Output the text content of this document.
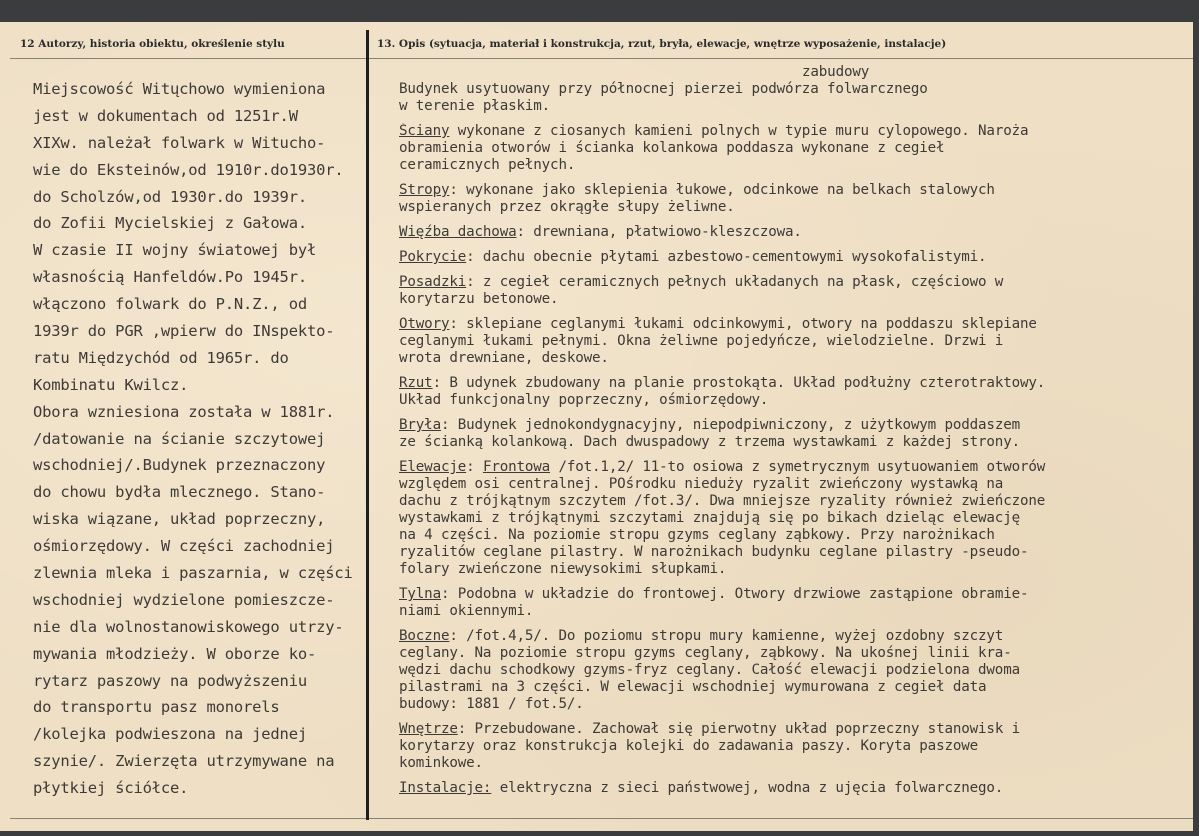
12 Autorzy, historia obiektu, określenie stylu	13. Opis (sytuacja, materiał i konstrukcja, rzut, bryła, elewacje, wnętrze wyposażenie, instalacje)
Miejscowość Witųchowo wymieniona
jest w dokumentach od 1251r.W
XIXw. należał folwark w Witucho-
wie do Eksteinów,od 1910r.do1930r.
do Scholzów,od 1930r.do 1939r.
do Zofii Mycielskiej z Gałowa.
W czasie II wojny światowej był
własnością Hanfeldów.Po 1945r.
włączono folwark do P.N.Z., od
1939r do PGR ,wpierw do INspekto-
ratu Międzychód od 1965r. do
Kombinatu Kwilcz.
Obora wzniesiona została w 1881r.
/datowanie na ścianie szczytowej
wschodniej/.Budynek przeznaczony
do chowu bydła mlecznego. Stano-
wiska wiązane, układ poprzeczny,
ośmiorzędowy. W części zachodniej
zlewnia mleka i paszarnia, w części
wschodniej wydzielone pomieszcze-
nie dla wolnostanowiskowego utrzy-
mywania młodzieży. W oborze ko-
rytarz paszowy na podwyższeniu
do transportu pasz monorels
/kolejka podwieszona na jednej
szynie/. Zwierzęta utrzymywane na
płytkiej ściółce.
zabudowy
Budynek usytuowany przy północnej pierzei podwórza folwarcznego
w terenie płaskim.
Ściany wykonane z ciosanych kamieni polnych w typie muru cylopowego. Naroża
obramienia otworów i ścianka kolankowa poddasza wykonane z cegieł
ceramicznych pełnych.
Stropy: wykonane jako sklepienia łukowe, odcinkowe na belkach stalowych
wspieranych przez okrągłe słupy żeliwne.
Więźba dachowa: drewniana, płatwiowo-kleszczowa.
Pokrycie: dachu obecnie płytami azbestowo-cementowymi wysokofalistymi.
Posadzki: z cegieł ceramicznych pełnych układanych na płask, częściowo w
korytarzu betonowe.
Otwory: sklepiane ceglanymi łukami odcinkowymi, otwory na poddaszu sklepiane
ceglanymi łukami pełnymi. Okna żeliwne pojedyńcze, wielodzielne. Drzwi i
wrota drewniane, deskowe.
Rzut: B udynek zbudowany na planie prostokąta. Układ podłużny czterotraktowy.
Układ funkcjonalny poprzeczny, ośmiorzędowy.
Bryła: Budynek jednokondygnacyjny, niepodpiwniczony, z użytkowym poddaszem
ze ścianką kolankową. Dach dwuspadowy z trzema wystawkami z każdej strony.
Elewacje: Frontowa /fot.1,2/ 11-to osiowa z symetrycznym usytuowaniem otworów
względem osi centralnej. POśrodku nieduży ryzalit zwieńczony wystawką na
dachu z trójkątnym szczytem /fot.3/. Dwa mniejsze ryzality również zwieńczone
wystawkami z trójkątnymi szczytami znajdują się po bikach dzieląc elewację
na 4 części. Na poziomie stropu gzyms ceglany ząbkowy. Przy narożnikach
ryzalitów ceglane pilastry. W narożnikach budynku ceglane pilastry -pseudo-
folary zwieńczone niewysokimi słupkami.
Tylna: Podobna w układzie do frontowej. Otwory drzwiowe zastąpione obramie-
niami okiennymi.
Boczne: /fot.4,5/. Do poziomu stropu mury kamienne, wyżej ozdobny szczyt
ceglany. Na poziomie stropu gzyms ceglany, ząbkowy. Na ukośnej linii kra-
wędzi dachu schodkowy gzyms-fryz ceglany. Całość elewacji podzielona dwoma
pilastrami na 3 części. W elewacji wschodniej wymurowana z cegieł data
budowy: 1881 / fot.5/.
Wnętrze: Przebudowane. Zachował się pierwotny układ poprzeczny stanowisk i
korytarzy oraz konstrukcja kolejki do zadawania paszy. Koryta paszowe
kominkowe.
Instalacje: elektryczna z sieci państwowej, wodna z ujęcia folwarcznego.
